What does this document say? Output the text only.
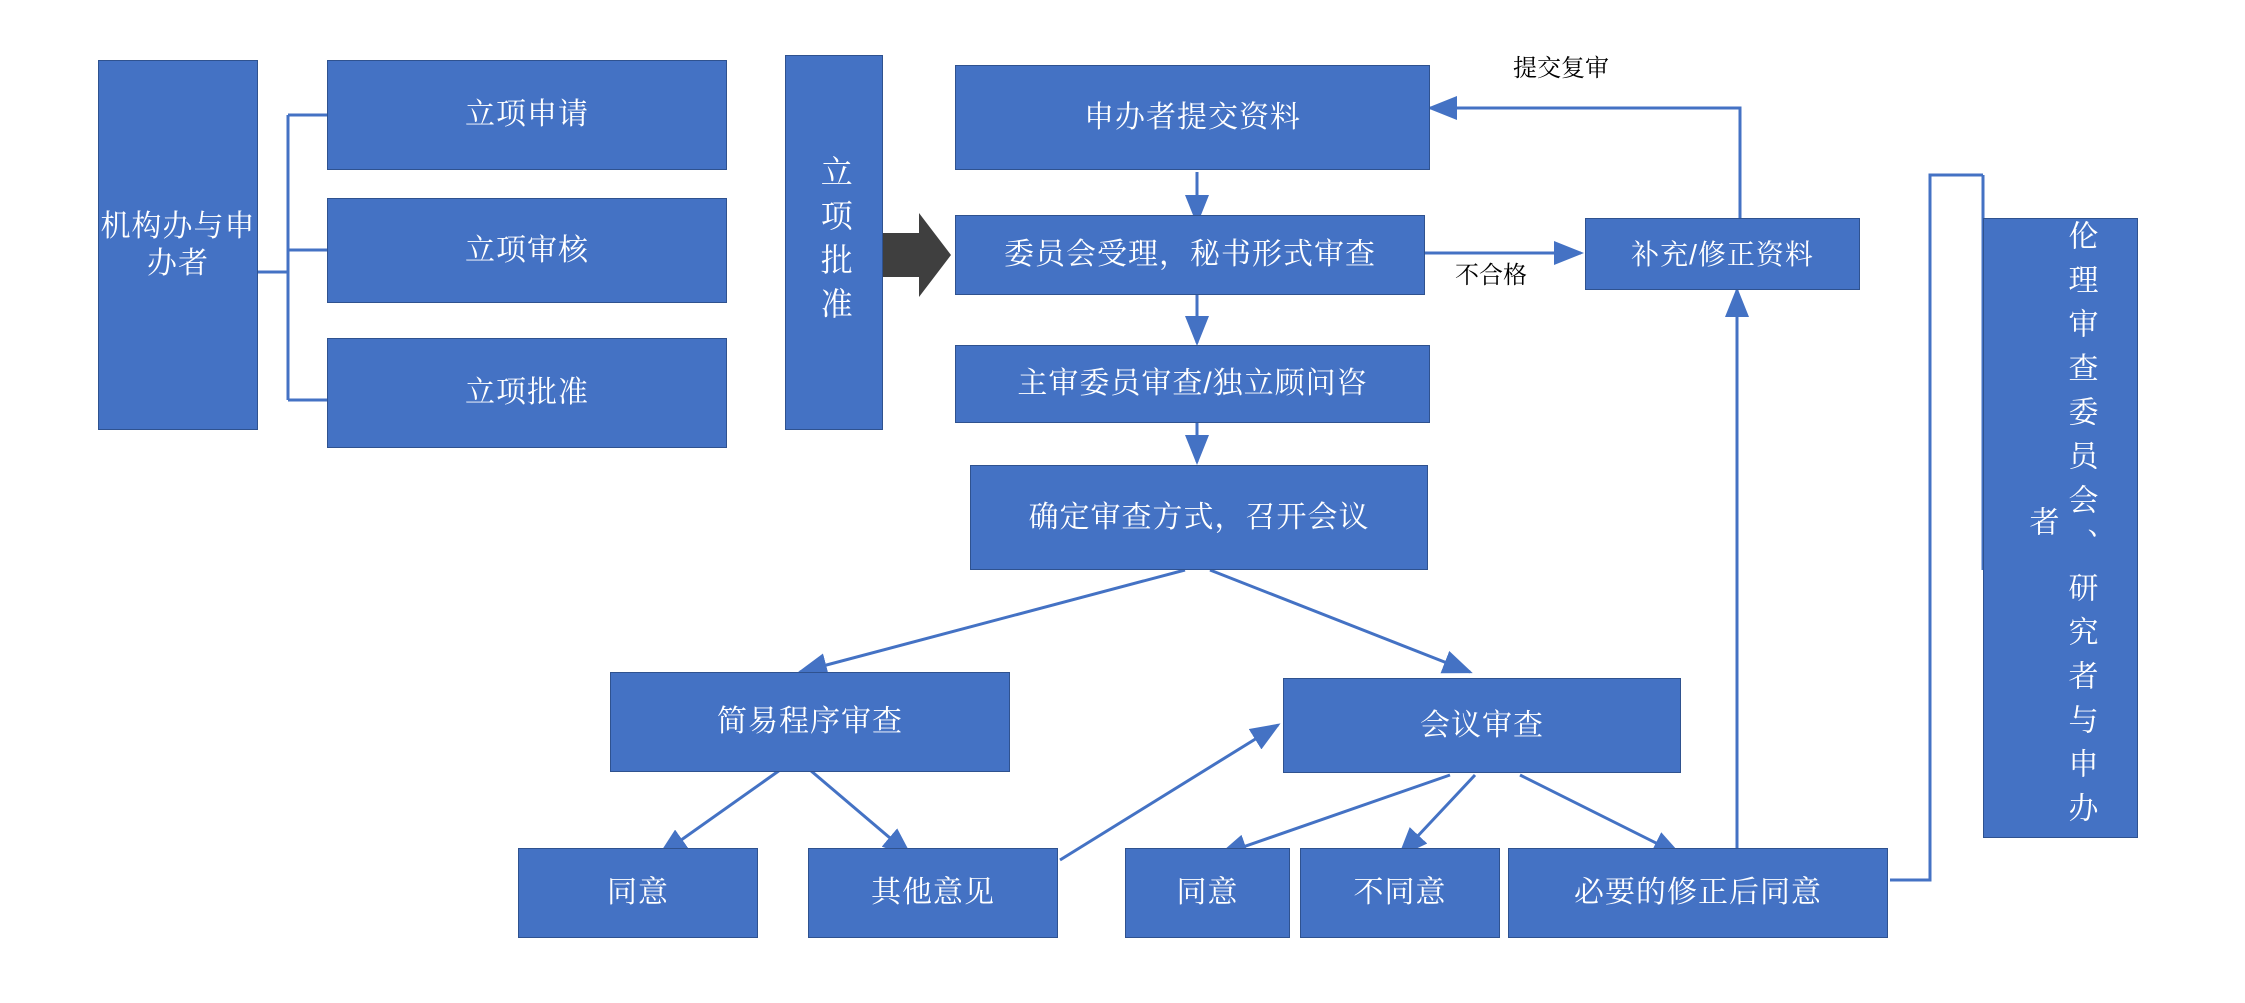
机构办与申办者
立项申请
立项审核
立项批准
立项批准
申办者提交资料
委员会受理，秘书形式审查
主审委员审查/独立顾问咨
确定审查方式，召开会议
补充/修正资料
简易程序审查	会议审查
同意	其他意见	同意	不同意	必要的修正后同意
伦理审查委员会、研究者与申办者
提交复审
不合格
